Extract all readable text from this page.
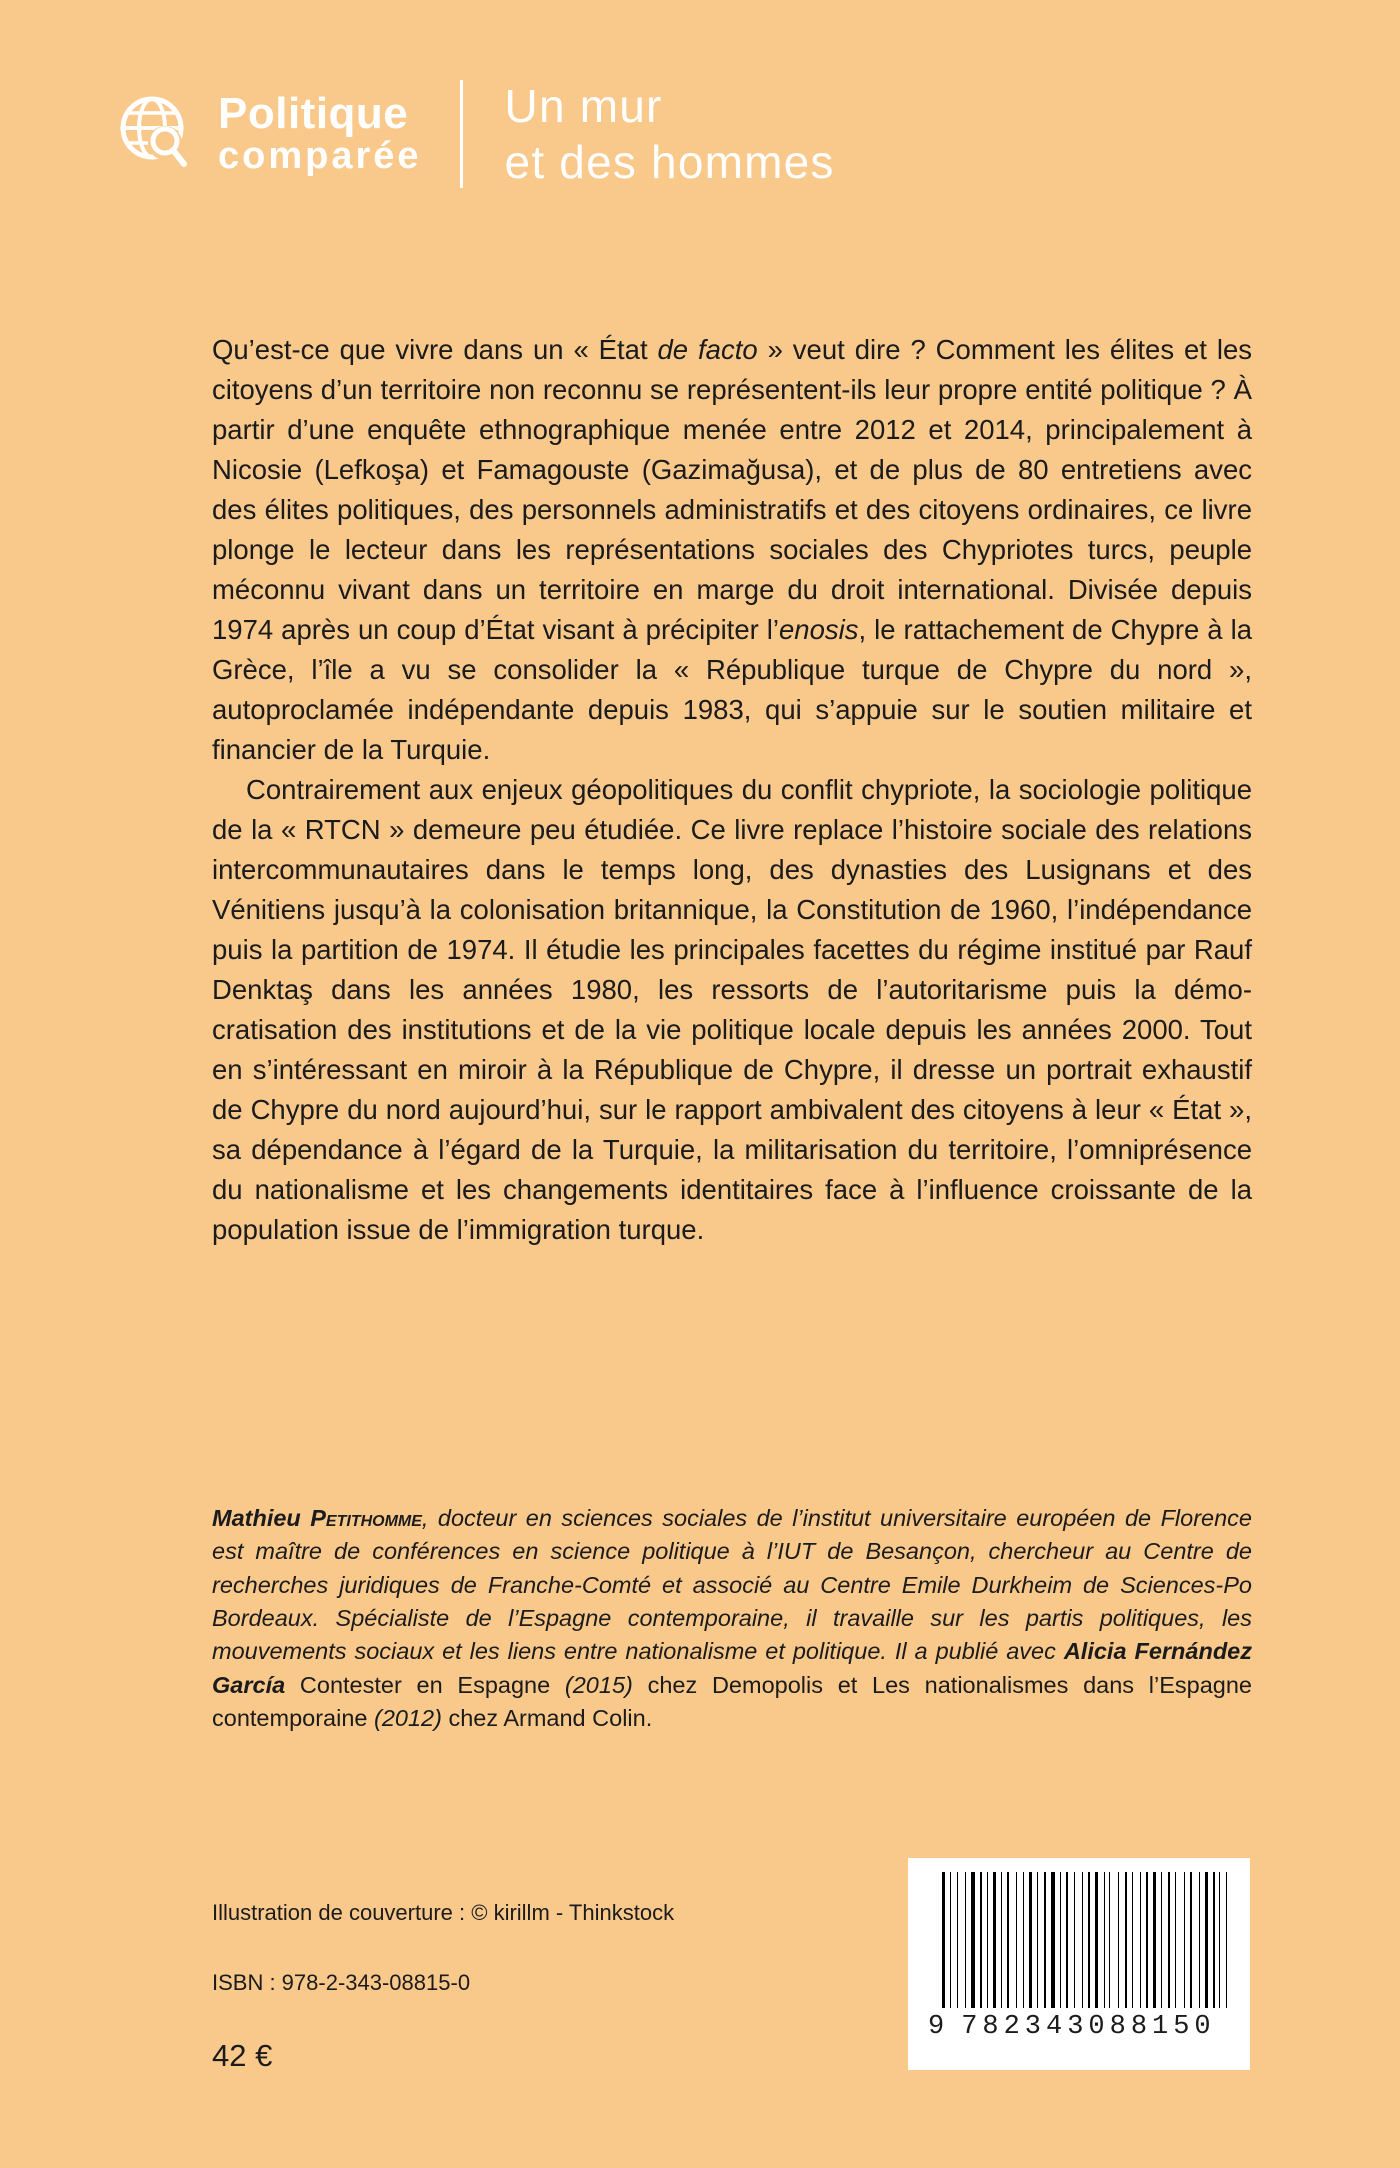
Politique
comparée
Un mur
et des hommes

Qu’est-ce que vivre dans un « État de facto » veut dire ? Comment les élites et les citoyens d’un territoire non reconnu se représentent-ils leur propre entité politique ? À partir d’une enquête ethnographique menée entre 2012 et 2014, principalement à Nicosie (Lefkoşa) et Famagouste (Gazimağusa), et de plus de 80 entretiens avec des élites politiques, des personnels administratifs et des citoyens ordinaires, ce livre plonge le lecteur dans les représentations sociales des Chypriotes turcs, peuple méconnu vivant dans un territoire en marge du droit international. Divisée depuis 1974 après un coup d’État visant à précipiter l’enosis, le rattachement de Chypre à la Grèce, l’île a vu se consolider la « République turque de Chypre du nord », autoproclamée indépendante depuis 1983, qui s’appuie sur le soutien militaire et financier de la Turquie.

Contrairement aux enjeux géopolitiques du conflit chypriote, la sociologie politique de la « RTCN » demeure peu étudiée. Ce livre replace l’histoire sociale des relations intercommunautaires dans le temps long, des dynasties des Lusignans et des Vénitiens jusqu’à la colonisation britannique, la Constitution de 1960, l’indépendance puis la partition de 1974. Il étudie les principales facettes du régime institué par Rauf Denktaş dans les années 1980, les ressorts de l’autoritarisme puis la démo-cratisation des institutions et de la vie politique locale depuis les années 2000. Tout en s’intéressant en miroir à la République de Chypre, il dresse un portrait exhaustif de Chypre du nord aujourd’hui, sur le rapport ambivalent des citoyens à leur « État », sa dépendance à l’égard de la Turquie, la militarisation du territoire, l’omniprésence du nationalisme et les changements identitaires face à l’influence croissante de la population issue de l’immigration turque.

Mathieu Petithomme, docteur en sciences sociales de l’institut universitaire européen de Florence est maître de conférences en science politique à l’IUT de Besançon, chercheur au Centre de recherches juridiques de Franche-Comté et associé au Centre Emile Durkheim de Sciences-Po Bordeaux. Spécialiste de l’Espagne contemporaine, il travaille sur les partis politiques, les mouvements sociaux et les liens entre nationalisme et politique. Il a publié avec Alicia Fernández García Contester en Espagne (2015) chez Demopolis et Les nationalismes dans l’Espagne contemporaine (2012) chez Armand Colin.
Illustration de couverture : © kirillm - Thinkstock
ISBN : 978-2-343-08815-0
42 €
9 782343088150
